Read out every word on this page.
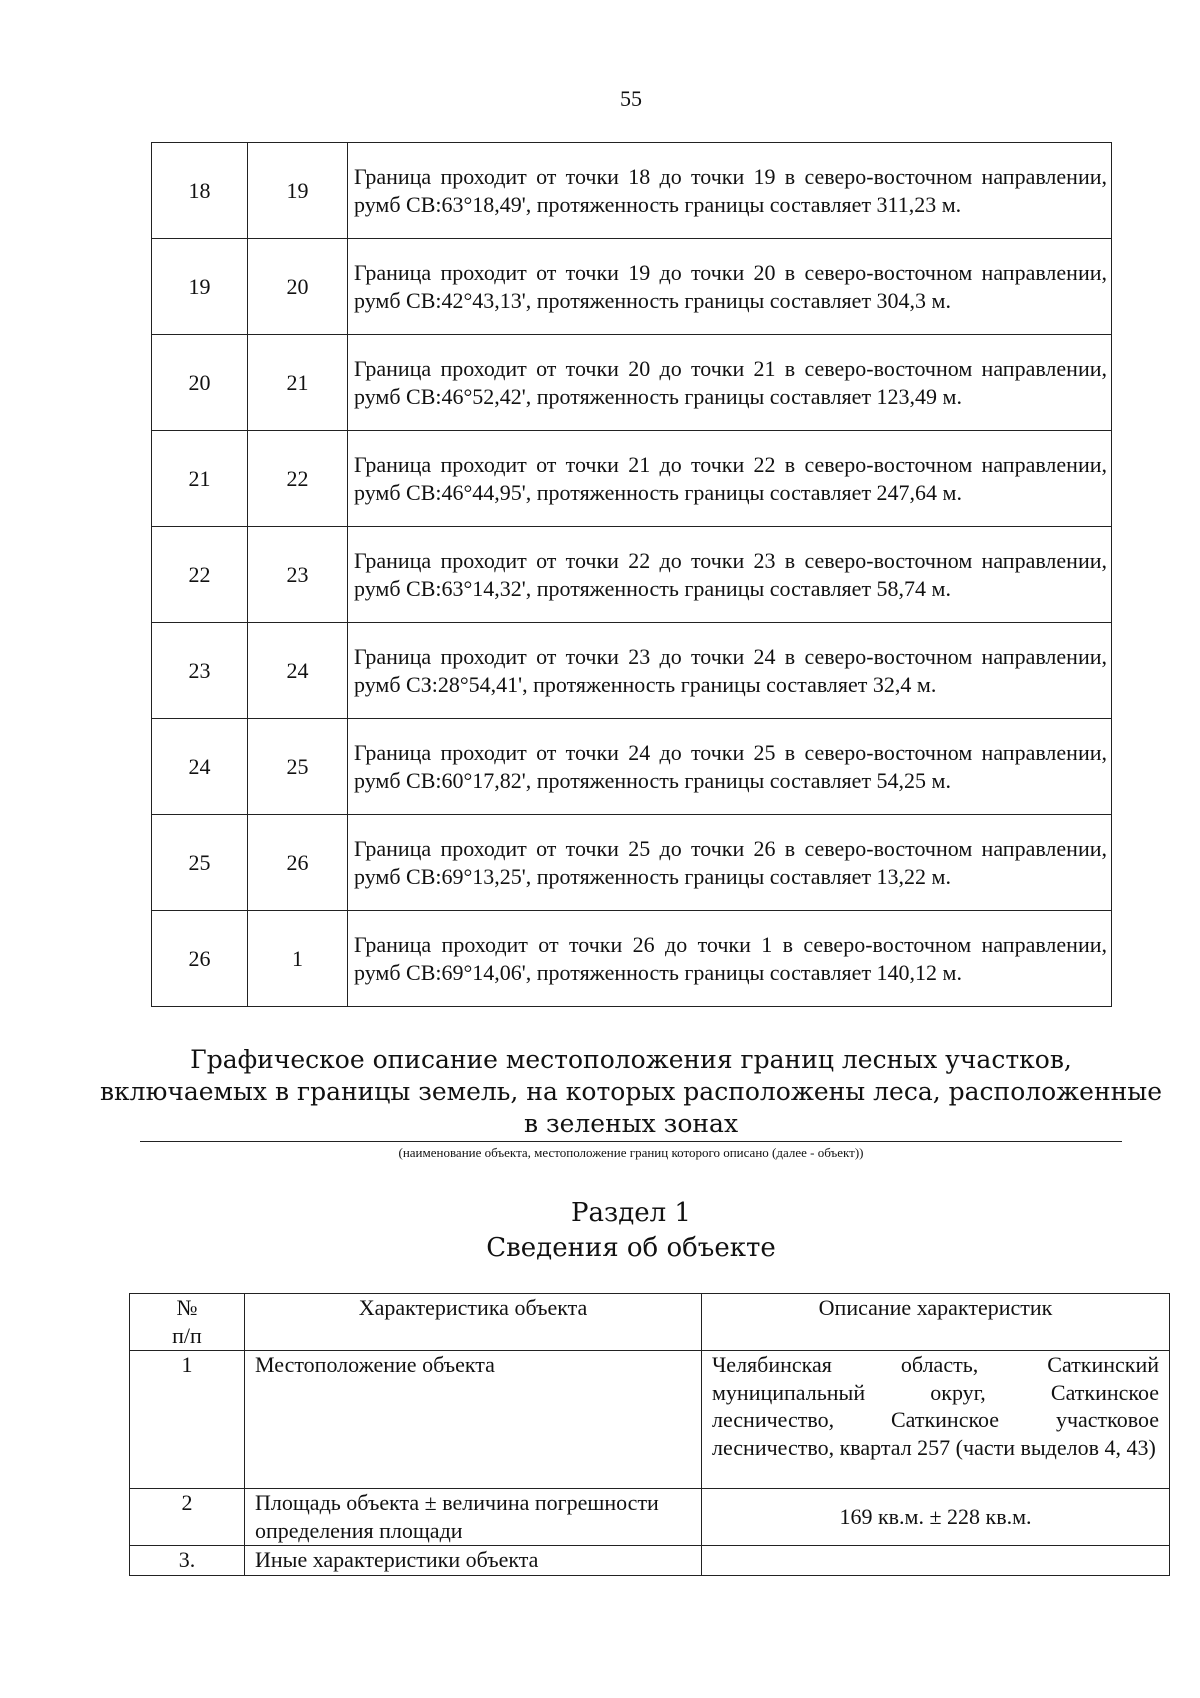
55
18	19	Граница проходит от точки 18 до точки 19 в северо-восточном направлении, румб СВ:63°18,49', протяженность границы составляет 311,23 м.
19	20	Граница проходит от точки 19 до точки 20 в северо-восточном направлении, румб СВ:42°43,13', протяженность границы составляет 304,3 м.
20	21	Граница проходит от точки 20 до точки 21 в северо-восточном направлении, румб СВ:46°52,42', протяженность границы составляет 123,49 м.
21	22	Граница проходит от точки 21 до точки 22 в северо-восточном направлении, румб СВ:46°44,95', протяженность границы составляет 247,64 м.
22	23	Граница проходит от точки 22 до точки 23 в северо-восточном направлении, румб СВ:63°14,32', протяженность границы составляет 58,74 м.
23	24	Граница проходит от точки 23 до точки 24 в северо-восточном направлении, румб СЗ:28°54,41', протяженность границы составляет 32,4 м.
24	25	Граница проходит от точки 24 до точки 25 в северо-восточном направлении, румб СВ:60°17,82', протяженность границы составляет 54,25 м.
25	26	Граница проходит от точки 25 до точки 26 в северо-восточном направлении, румб СВ:69°13,25', протяженность границы составляет 13,22 м.
26	1	Граница проходит от точки 26 до точки 1 в северо-восточном направлении, румб СВ:69°14,06', протяженность границы составляет 140,12 м.
Графическое описание местоположения границ лесных участков,
включаемых в границы земель, на которых расположены леса, расположенные
в зеленых зонах
(наименование объекта, местоположение границ которого описано (далее - объект))
Раздел 1
Сведения об объекте
№
п/п	Характеристика объекта	Описание характеристик
1	Местоположение объекта	Челябинская область, Саткинский муниципальный округ, Саткинское лесничество, Саткинское участковое лесничество, квартал 257 (части выделов 4, 43)
2	Площадь объекта ± величина погрешности определения площади	169 кв.м. ± 228 кв.м.
3.	Иные характеристики объекта	
